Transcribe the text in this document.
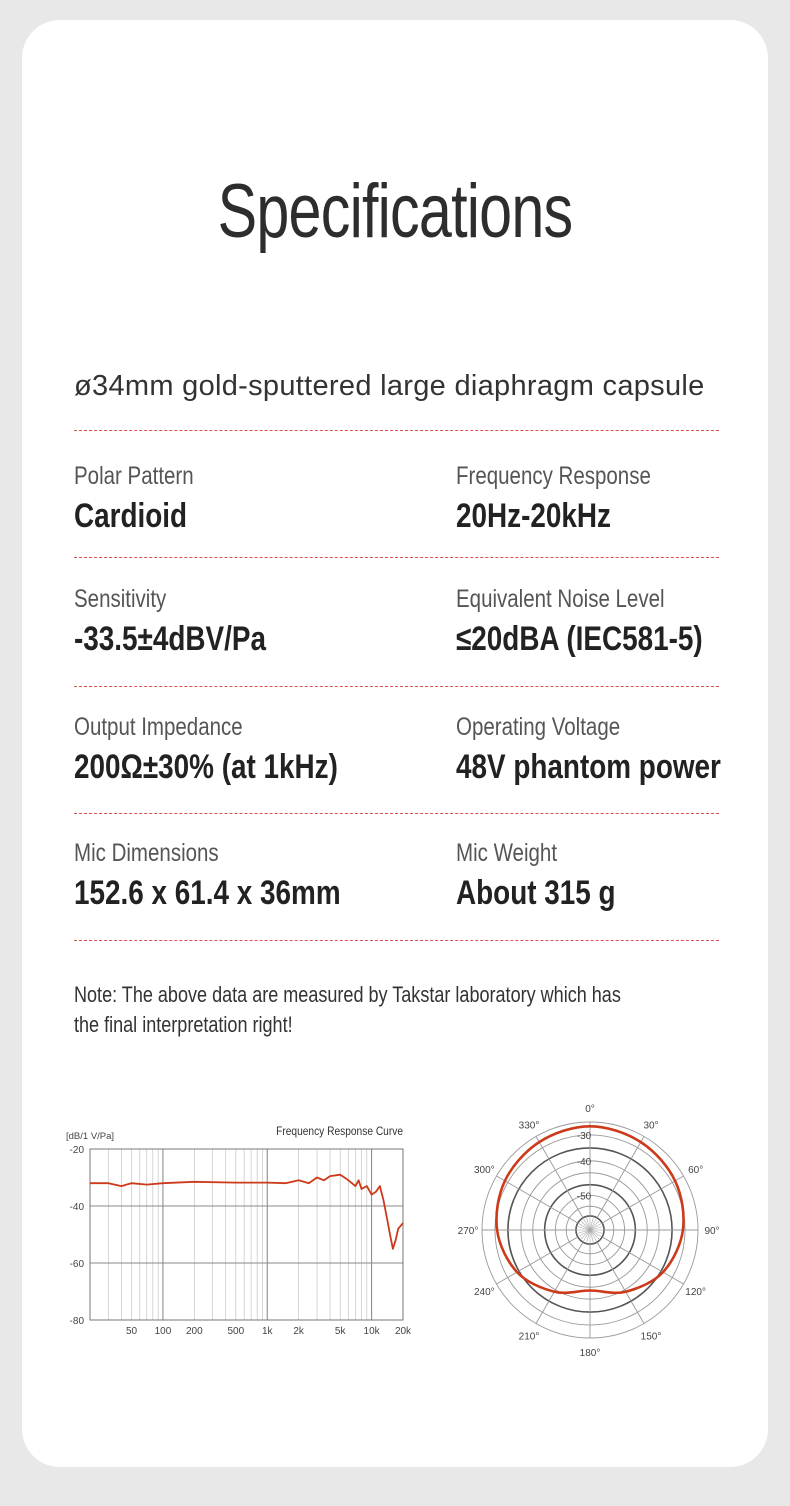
Specifications
ø34mm gold-sputtered large diaphragm capsule
Polar Pattern
Cardioid
Frequency Response
20Hz-20kHz
Sensitivity
-33.5±4dBV/Pa
Equivalent Noise Level
≤20dBA (IEC581-5)
Output Impedance
200Ω±30% (at 1kHz)
Operating Voltage
48V phantom power
Mic Dimensions
152.6 x 61.4 x 36mm
Mic Weight
About 315 g
Note: The above data are measured by Takstar laboratory which has the final interpretation right!
Frequency Response Curve
[dB/1 V/Pa]
-20
-40
-60
-80
50 100 200 500 1k 2k	5k 10k 20k
0°
30°
60°
90°
120°
150°
180°
210°
240°
270°
300°
330°
-30
-40
-50
